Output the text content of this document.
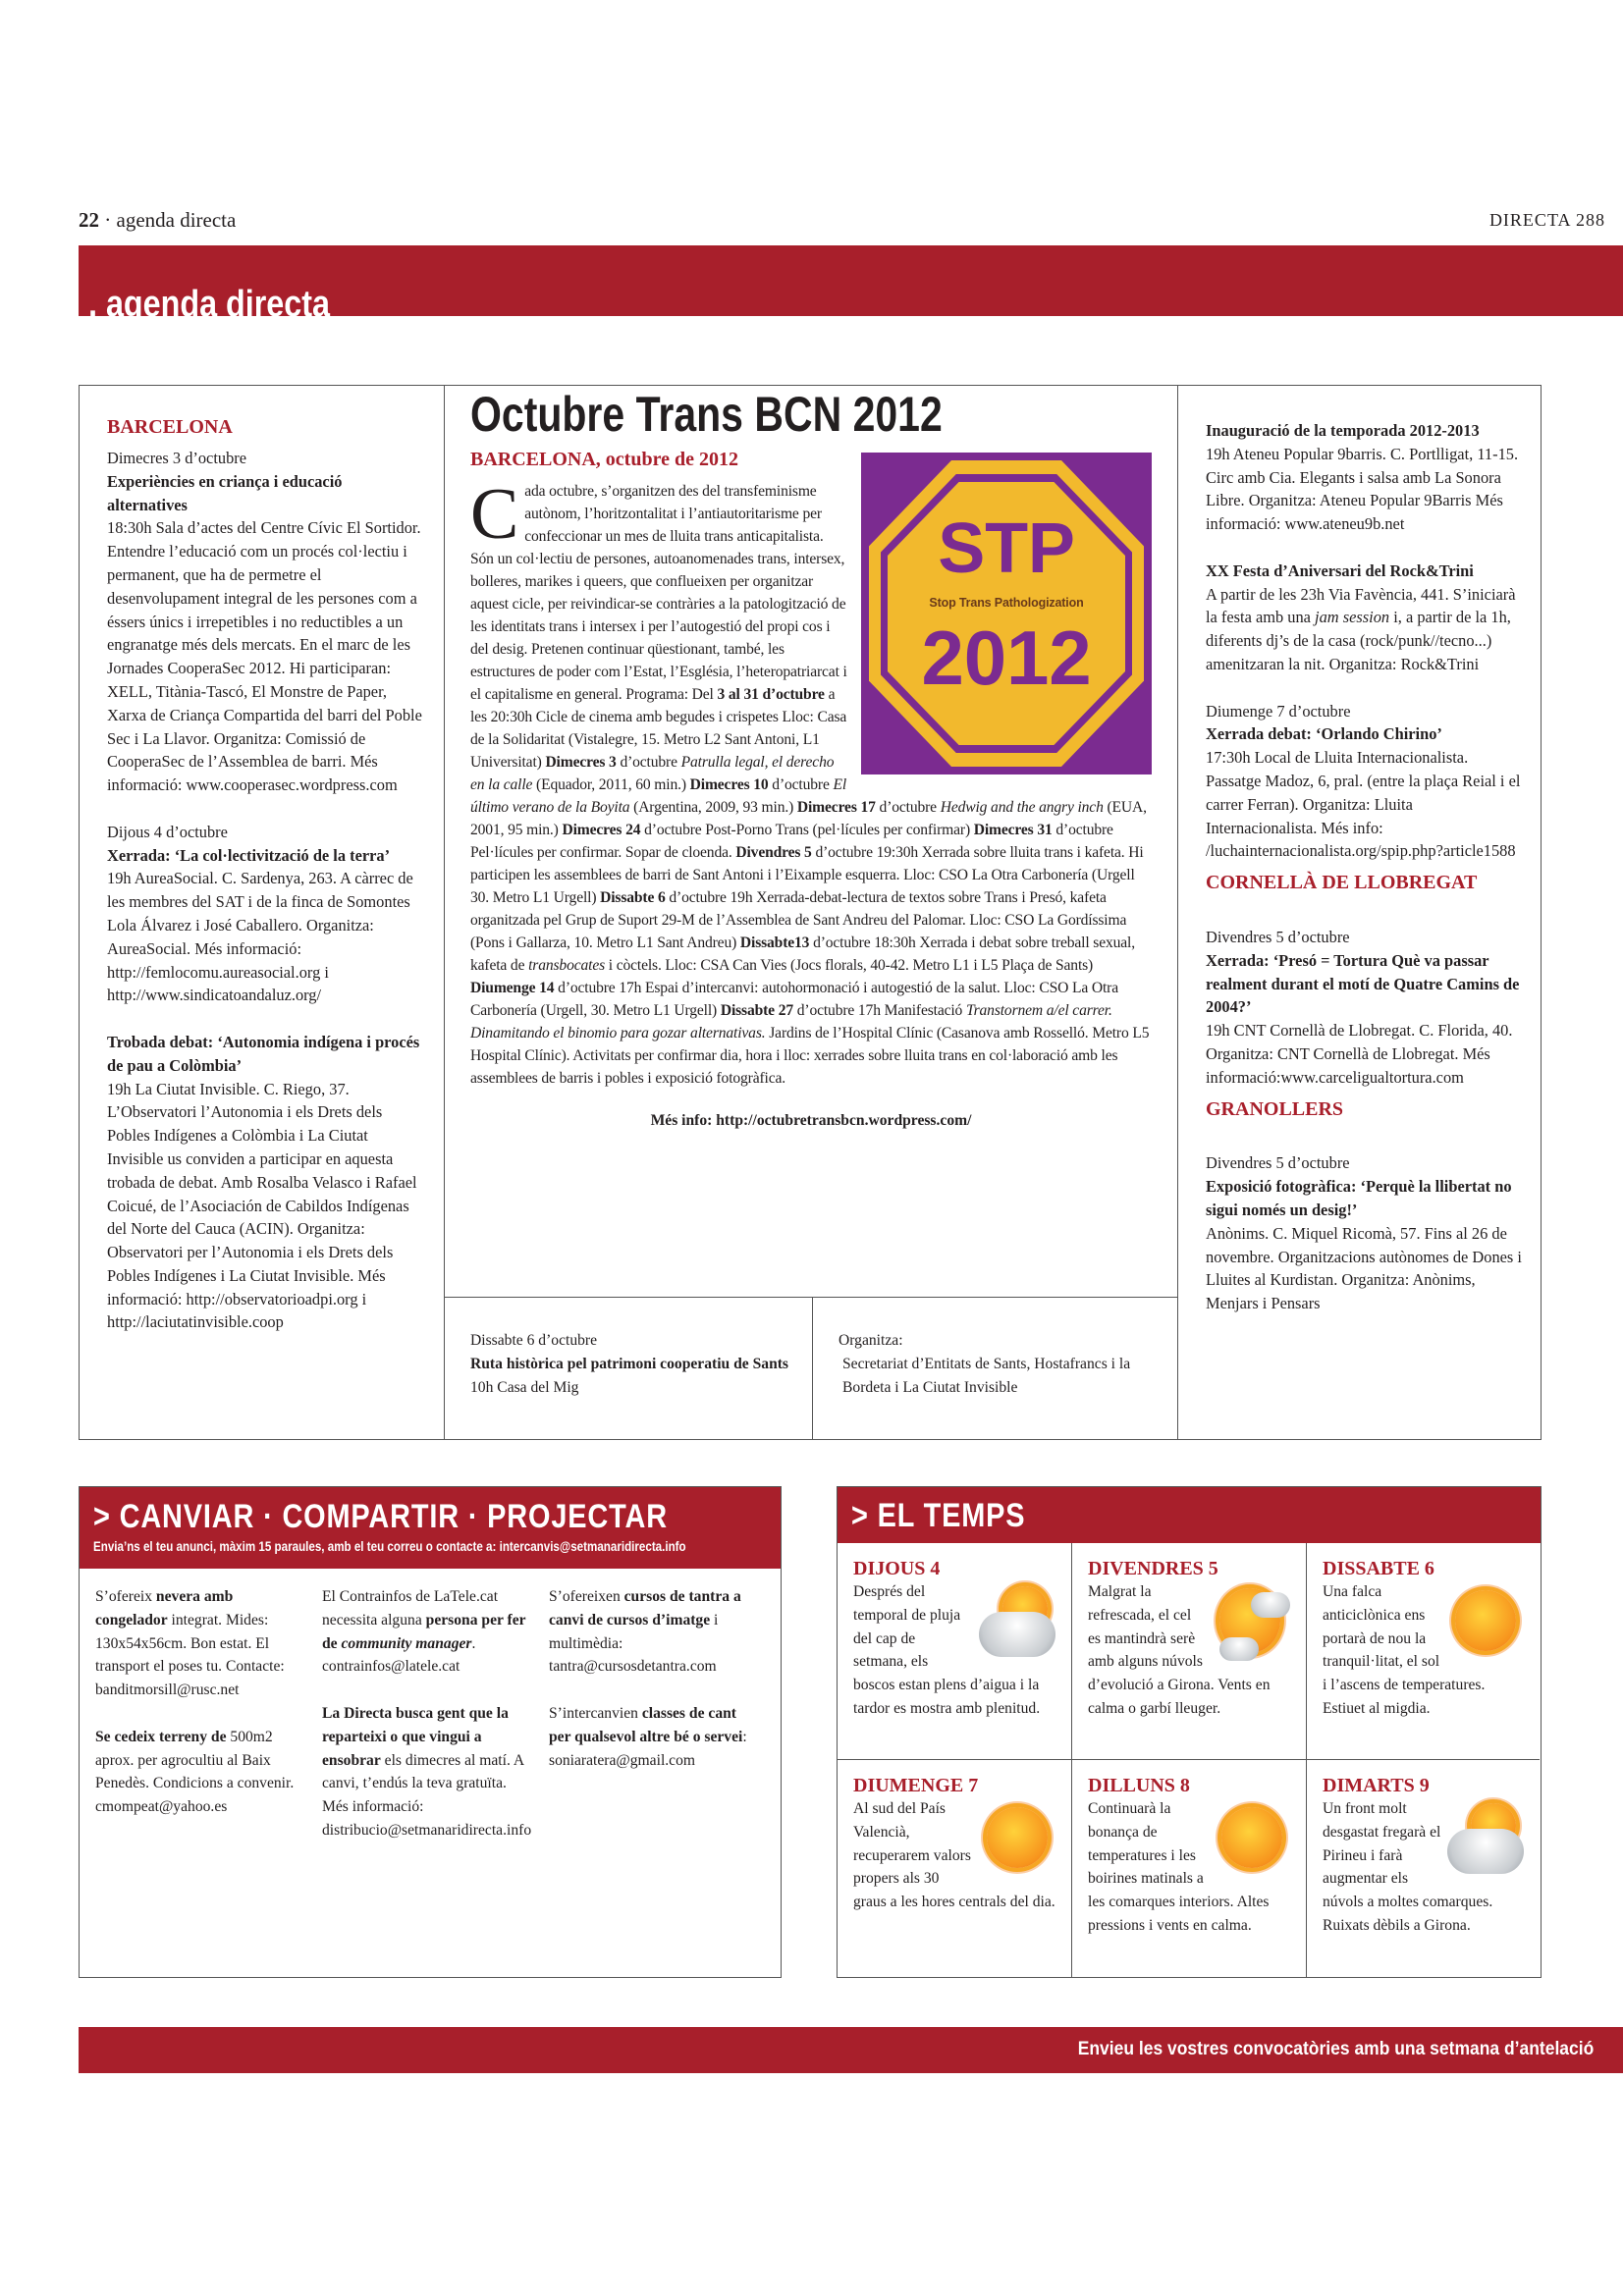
22 · agenda directa	DIRECTA 288
, agenda directa
BARCELONA
Dimecres 3 d’octubre
Experiències en criança i educació alternatives
18:30h Sala d’actes del Centre Cívic El Sortidor. Entendre l’educació com un procés col·lectiu i permanent, que ha de permetre el desenvolupament integral de les persones com a éssers únics i irrepetibles i no reductibles a un engranatge més dels mercats. En el marc de les Jornades CooperaSec 2012. Hi participaran: XELL, Titània-Tascó, El Monstre de Paper, Xarxa de Criança Compartida del barri del Poble Sec i La Llavor. Organitza: Comissió de CooperaSec de l’Assemblea de barri. Més informació: www.cooperasec.wordpress.com
Dijous 4 d’octubre
Xerrada: ‘La col·lectivització de la terra’
19h AureaSocial. C. Sardenya, 263. A càrrec de les membres del SAT i de la finca de Somontes Lola Álvarez i José Caballero. Organitza: AureaSocial. Més informació: http://femlocomu.aureasocial.org i http://www.sindicatoandaluz.org/
Trobada debat: ‘Autonomia indígena i procés de pau a Colòmbia’
19h La Ciutat Invisible. C. Riego, 37. L’Observatori l’Autonomia i els Drets dels Pobles Indígenes a Colòmbia i La Ciutat Invisible us conviden a participar en aquesta trobada de debat. Amb Rosalba Velasco i Rafael Coicué, de l’Asociación de Cabildos Indígenas del Norte del Cauca (ACIN). Organitza: Observatori per l’Autonomia i els Drets dels Pobles Indígenes i La Ciutat Invisible. Més informació: http://observatorioadpi.org i http://laciutatinvisible.coop
Octubre Trans BCN 2012
BARCELONA, octubre de 2012
STP
Stop Trans Pathologization
2012
C ada octubre, s’organitzen des del transfeminisme autònom, l’horitzontalitat i l’antiautoritarisme per confeccionar un mes de lluita trans anticapitalista. Són un col·lectiu de persones, autoanomenades trans, intersex, bolleres, marikes i queers, que conflueixen per organitzar aquest cicle, per reivindicar-se contràries a la patologització de les identitats trans i intersex i per l’autogestió del propi cos i del desig. Pretenen continuar qüestionant, també, les estructures de poder com l’Estat, l’Església, l’heteropatriarcat i el capitalisme en general. Programa: Del 3 al 31 d’octubre a les 20:30h Cicle de cinema amb begudes i crispetes Lloc: Casa de la Solidaritat (Vistalegre, 15. Metro L2 Sant Antoni, L1 Universitat) Dimecres 3 d’octubre Patrulla legal, el derecho en la calle (Equador, 2011, 60 min.) Dimecres 10 d’octubre El último verano de la Boyita (Argentina, 2009, 93 min.) Dimecres 17 d’octubre Hedwig and the angry inch (EUA, 2001, 95 min.) Dimecres 24 d’octubre Post-Porno Trans (pel·lícules per confirmar) Dimecres 31 d’octubre Pel·lícules per confirmar. Sopar de cloenda. Divendres 5 d’octubre 19:30h Xerrada sobre lluita trans i kafeta. Hi participen les assemblees de barri de Sant Antoni i l’Eixample esquerra. Lloc: CSO La Otra Carbonería (Urgell 30. Metro L1 Urgell) Dissabte 6 d’octubre 19h Xerrada-debat-lectura de textos sobre Trans i Presó, kafeta organitzada pel Grup de Suport 29-M de l’Assemblea de Sant Andreu del Palomar. Lloc: CSO La Gordíssima (Pons i Gallarza, 10. Metro L1 Sant Andreu) Dissabte13 d’octubre 18:30h Xerrada i debat sobre treball sexual, kafeta de transbocates i còctels. Lloc: CSA Can Vies (Jocs florals, 40-42. Metro L1 i L5 Plaça de Sants) Diumenge 14 d’octubre 17h Espai d’intercanvi: autohormonació i autogestió de la salut. Lloc: CSO La Otra Carbonería (Urgell, 30. Metro L1 Urgell) Dissabte 27 d’octubre 17h Manifestació Transtornem a/el carrer. Dinamitando el binomio para gozar alternativas. Jardins de l’Hospital Clínic (Casanova amb Rosselló. Metro L5 Hospital Clínic). Activitats per confirmar dia, hora i lloc: xerrades sobre lluita trans en col·laboració amb les assemblees de barris i pobles i exposició fotogràfica.
Més info: http://octubretransbcn.wordpress.com/
Dissabte 6 d’octubre
Ruta històrica pel patrimoni cooperatiu de Sants
10h Casa del Mig
Organitza:
Secretariat d’Entitats de Sants, Hostafrancs i la Bordeta i La Ciutat Invisible
Inauguració de la temporada 2012-2013
19h Ateneu Popular 9barris. C. Portlligat, 11-15. Circ amb Cia. Elegants i salsa amb La Sonora Libre. Organitza: Ateneu Popular 9Barris Més informació: www.ateneu9b.net
XX Festa d’Aniversari del Rock&Trini
A partir de les 23h Via Favència, 441. S’iniciarà la festa amb una jam session i, a partir de la 1h, diferents dj’s de la casa (rock/punk//tecno...) amenitzaran la nit. Organitza: Rock&Trini
Diumenge 7 d’octubre
Xerrada debat: ‘Orlando Chirino’
17:30h Local de Lluita Internacionalista. Passatge Madoz, 6, pral. (entre la plaça Reial i el carrer Ferran). Organitza: Lluita Internacionalista. Més info: /luchainternacionalista.org/spip.php?article1588
CORNELLÀ DE LLOBREGAT
Divendres 5 d’octubre
Xerrada: ‘Presó = Tortura Què va passar realment durant el motí de Quatre Camins de 2004?’
19h CNT Cornellà de Llobregat. C. Florida, 40. Organitza: CNT Cornellà de Llobregat. Més informació:www.carceligualtortura.com
GRANOLLERS
Divendres 5 d’octubre
Exposició fotogràfica: ‘Perquè la llibertat no sigui només un desig!’
Anònims. C. Miquel Ricomà, 57. Fins al 26 de novembre. Organitzacions autònomes de Dones i Lluites al Kurdistan. Organitza: Anònims, Menjars i Pensars
> CANVIAR · COMPARTIR · PROJECTAR
Envia’ns el teu anunci, màxim 15 paraules, amb el teu correu o contacte a: intercanvis@setmanaridirecta.info
S’ofereix nevera amb congelador integrat. Mides: 130x54x56cm. Bon estat. El transport el poses tu. Contacte: banditmorsill@rusc.net
Se cedeix terreny de 500m2 aprox. per agrocultiu al Baix Penedès. Condicions a convenir. cmompeat@yahoo.es
El Contrainfos de LaTele.cat necessita alguna persona per fer de community manager. contrainfos@latele.cat
La Directa busca gent que la reparteixi o que vingui a ensobrar els dimecres al matí. A canvi, t’endús la teva gratuïta. Més informació: distribucio@setmanaridirecta.info
S’ofereixen cursos de tantra a canvi de cursos d’imatge i multimèdia: tantra@cursosdetantra.com
S’intercanvien classes de cant per qualsevol altre bé o servei: soniaratera@gmail.com
> EL TEMPS
DIJOUS 4
Després del temporal de pluja del cap de setmana, els boscos estan plens d’aigua i la tardor es mostra amb plenitud.
DIVENDRES 5
Malgrat la refrescada, el cel es mantindrà serè amb alguns núvols d’evolució a Girona. Vents en calma o garbí lleuger.
DISSABTE 6
Una falca anticiclònica ens portarà de nou la tranquil·litat, el sol i l’ascens de temperatures. Estiuet al migdia.
DIUMENGE 7
Al sud del País Valencià, recuperarem valors propers als 30 graus a les hores centrals del dia.
DILLUNS 8
Continuarà la bonança de temperatures i les boirines matinals a les comarques interiors. Altes pressions i vents en calma.
DIMARTS 9
Un front molt desgastat fregarà el Pirineu i farà augmentar els núvols a moltes comarques. Ruixats dèbils a Girona.
Envieu les vostres convocatòries amb una setmana d’antelació
